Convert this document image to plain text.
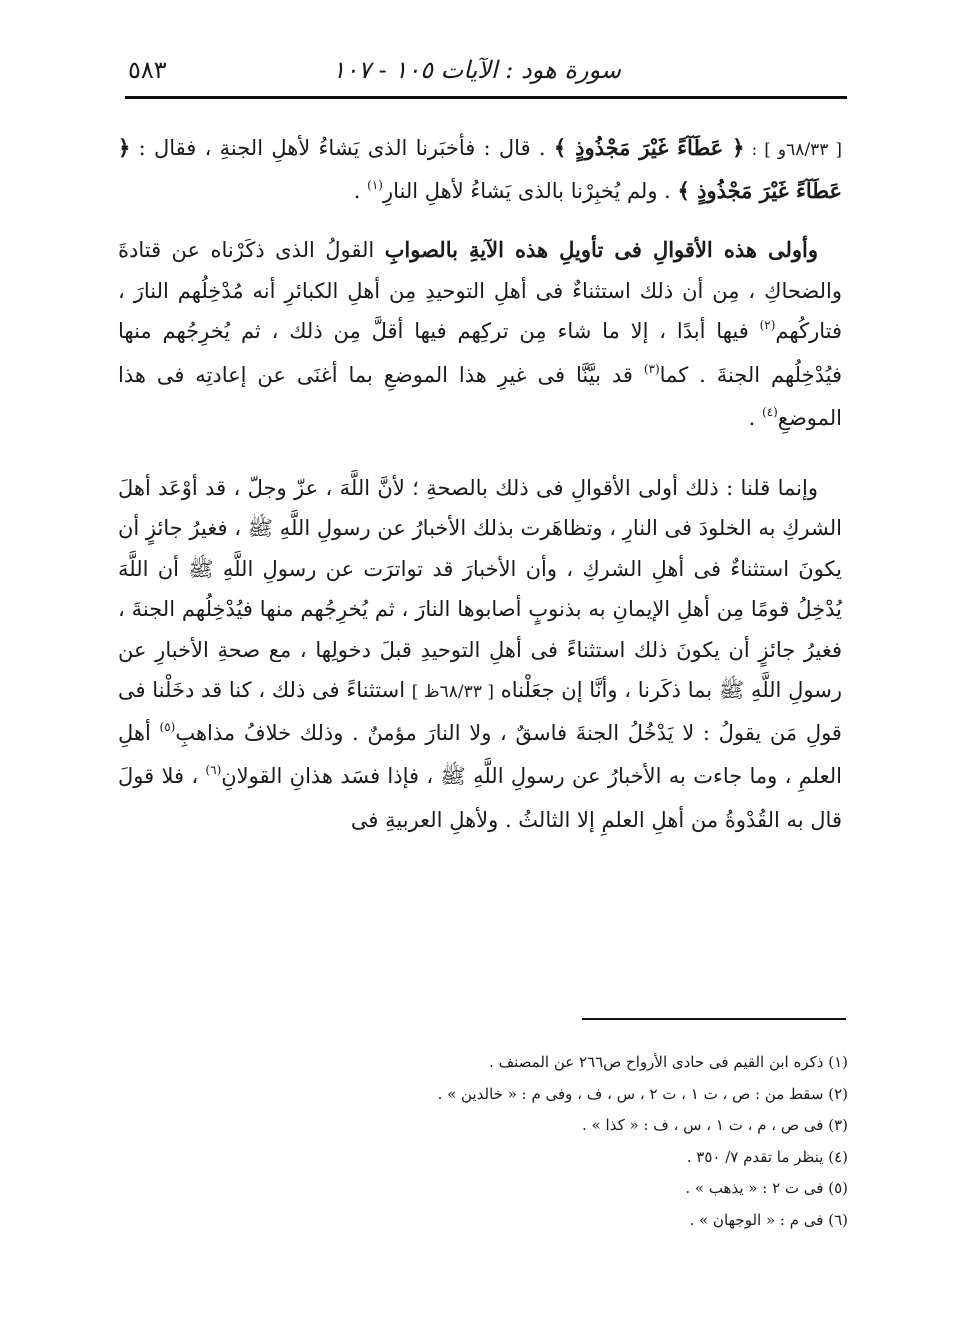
سورة هود : الآيات ١٠٥ - ١٠٧
٥٨٣

[ ٦٨/٣٣و ] : ﴿ عَطَآءً غَيْرَ مَجْذُوذٍ ﴾ . قال : فأخبَرنا الذى يَشاءُ لأهلِ الجنةِ ، فقال : ﴿ عَطَآءً غَيْرَ مَجْذُوذٍ ﴾ . ولم يُخبِرْنا بالذى يَشاءُ لأهلِ النارِ$^{(١)}$ .

وأولى هذه الأقوالِ فى تأويلِ هذه الآيةِ بالصوابِ القولُ الذى ذكَرْناه عن قتادةَ والضحاكِ ، مِن أن ذلك استثناءٌ فى أهلِ التوحيدِ مِن أهلِ الكبائرِ أنه مُدْخِلُهم النارَ ، فتاركُهم$^{(٢)}$ فيها أبدًا ، إلا ما شاء مِن تركِهم فيها أقلَّ مِن ذلك ، ثم يُخرِجُهم منها فيُدْخِلُهم الجنةَ . كما$^{(٣)}$ قد بيَّنَّا فى غيرِ هذا الموضعِ بما أغنَى عن إعادتِه فى هذا الموضعِ$^{(٤)}$ .

وإنما قلنا : ذلك أولى الأقوالِ فى ذلك بالصحةِ ؛ لأنَّ اللَّهَ ، عزّ وجلّ ، قد أوْعَد أهلَ الشركِ به الخلودَ فى النارِ ، وتظاهَرت بذلك الأخبارُ عن رسولِ اللَّهِ ﷺ ، فغيرُ جائزٍ أن يكونَ استثناءٌ فى أهلِ الشركِ ، وأن الأخبارَ قد تواترَت عن رسولِ اللَّهِ ﷺ أن اللَّهَ يُدْخِلُ قومًا مِن أهلِ الإيمانِ به بذنوبٍ أصابوها النارَ ، ثم يُخرِجُهم منها فيُدْخِلُهم الجنةَ ، فغيرُ جائزٍ أن يكونَ ذلك استثناءً فى أهلِ التوحيدِ قبلَ دخولِها ، مع صحةِ الأخبارِ عن رسولِ اللَّهِ ﷺ بما ذكَرنا ، وأنَّا إن جعَلْناه [ ٦٨/٣٣ظ ] استثناءً فى ذلك ، كنا قد دخَلْنا فى قولِ مَن يقولُ : لا يَدْخُلُ الجنةَ فاسقٌ ، ولا النارَ مؤمنٌ . وذلك خلافُ مذاهبِ$^{(٥)}$ أهلِ العلمِ ، وما جاءت به الأخبارُ عن رسولِ اللَّهِ ﷺ ، فإذا فسَد هذانِ القولانِ$^{(٦)}$ ، فلا قولَ قال به القُدْوةُ من أهلِ العلمِ إلا الثالثُ . ولأهلِ العربيةِ فى

(١) ذكره ابن القيم فى حادى الأرواح ص٢٦٦ عن المصنف .

(٢) سقط من : ص ، ت ١ ، ت ٢ ، س ، ف ، وفى م : « خالدين » .

(٣) فى ص ، م ، ت ١ ، س ، ف : « كذا » .

(٤) ينظر ما تقدم ٧/ ٣٥٠ .

(٥) فى ت ٢ : « يذهب » .

(٦) فى م : « الوجهان » .
